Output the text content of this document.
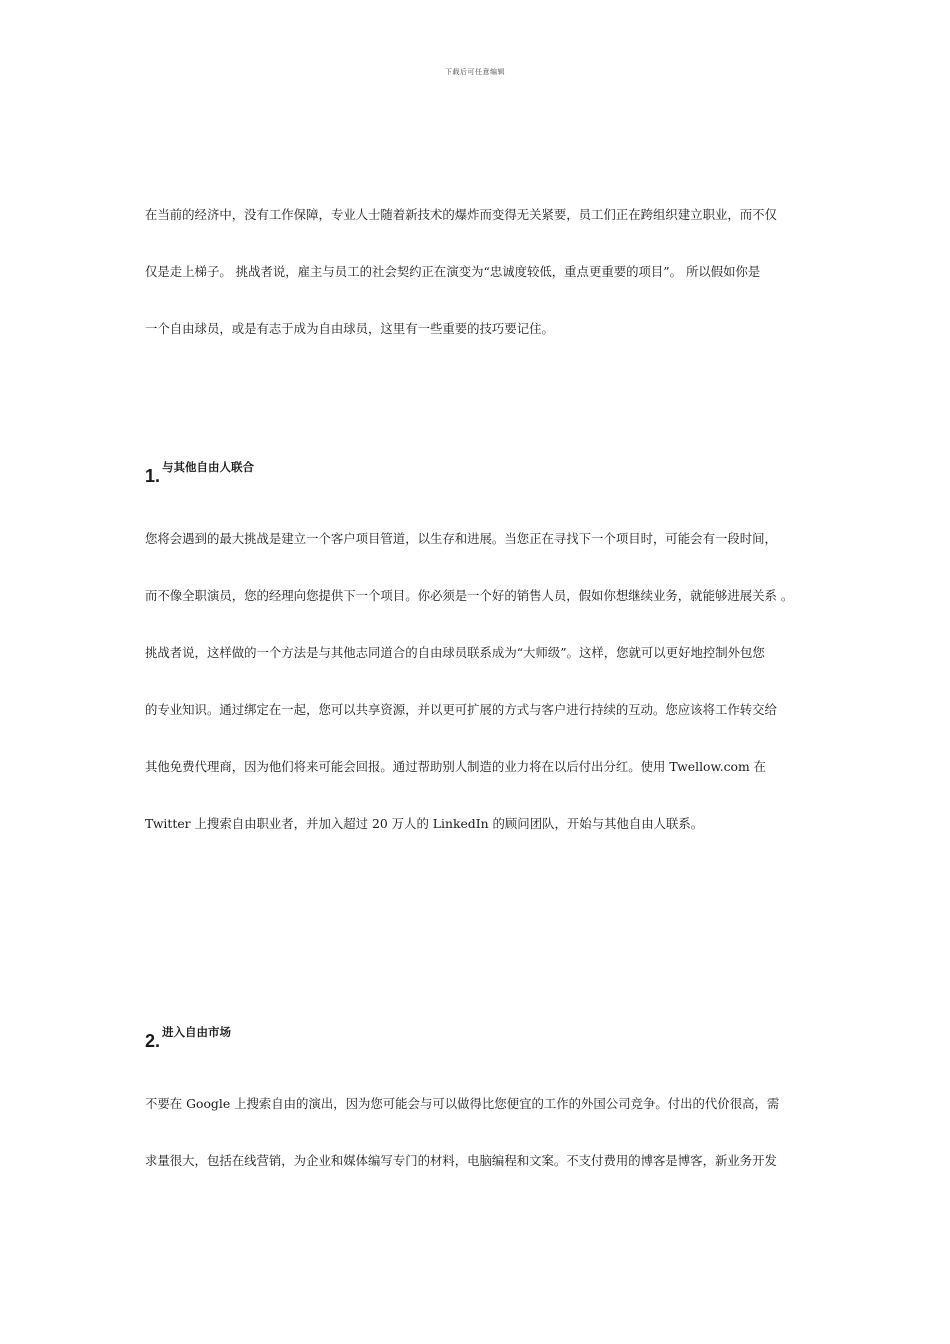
下载后可任意编辑
在当前的经济中，没有工作保障，专业人士随着新技术的爆炸而变得无关紧要，员工们正在跨组织建立职业，而不仅
仅是走上梯子。 挑战者说，雇主与员工的社会契约正在演变为“忠诚度较低，重点更重要的项目”。 所以假如你是
一个自由球员，或是有志于成为自由球员，这里有一些重要的技巧要记住。
1. 与其他自由人联合
您将会遇到的最大挑战是建立一个客户项目管道，以生存和进展。当您正在寻找下一个项目时，可能会有一段时间，
而不像全职演员，您的经理向您提供下一个项目。你必须是一个好的销售人员，假如你想继续业务，就能够进展关系 。
挑战者说，这样做的一个方法是与其他志同道合的自由球员联系成为“大师级”。这样，您就可以更好地控制外包您
的专业知识。通过绑定在一起，您可以共享资源，并以更可扩展的方式与客户进行持续的互动。您应该将工作转交给
其他免费代理商，因为他们将来可能会回报。通过帮助别人制造的业力将在以后付出分红。使用 Twellow.com 在
Twitter 上搜索自由职业者，并加入超过 20 万人的 LinkedIn 的顾问团队，开始与其他自由人联系。
2. 进入自由市场
不要在 Google 上搜索自由的演出，因为您可能会与可以做得比您便宜的工作的外国公司竞争。付出的代价很高，需
求量很大，包括在线营销，为企业和媒体编写专门的材料，电脑编程和文案。不支付费用的博客是博客，新业务开发
